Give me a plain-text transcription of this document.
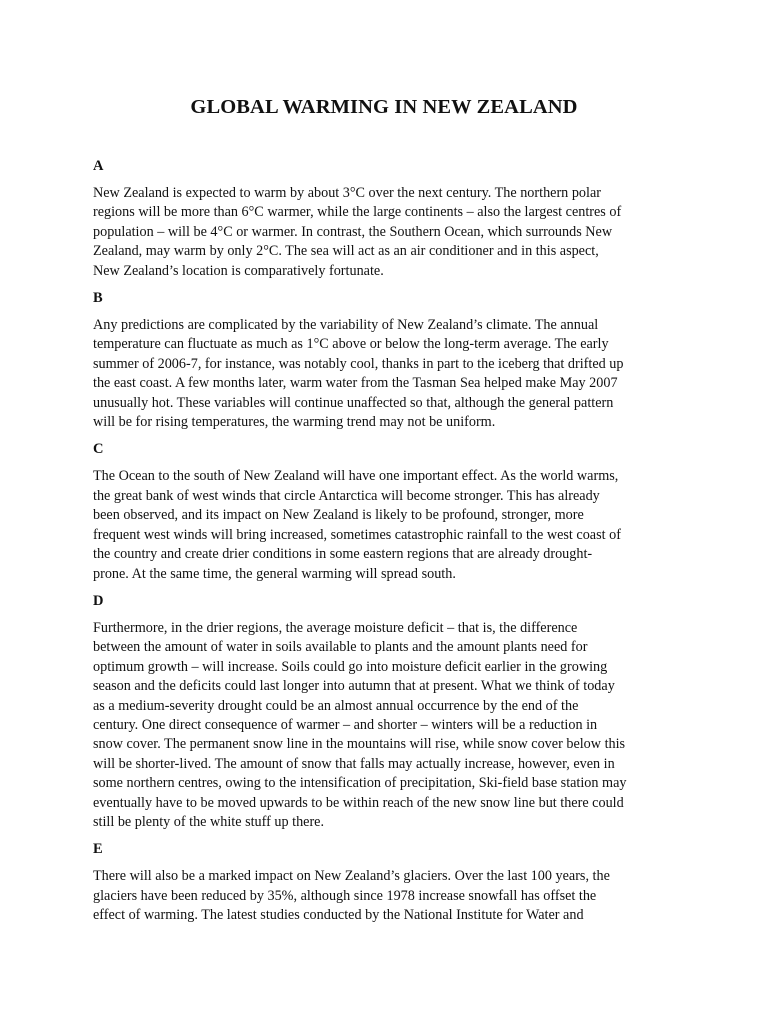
GLOBAL WARMING IN NEW ZEALAND
A
New Zealand is expected to warm by about 3°C over the next century. The northern polar
regions will be more than 6°C warmer, while the large continents – also the largest centres of
population – will be 4°C or warmer. In contrast, the Southern Ocean, which surrounds New
Zealand, may warm by only 2°C. The sea will act as an air conditioner and in this aspect,
New Zealand’s location is comparatively fortunate.
B
Any predictions are complicated by the variability of New Zealand’s climate. The annual
temperature can fluctuate as much as 1°C above or below the long-term average. The early
summer of 2006-7, for instance, was notably cool, thanks in part to the iceberg that drifted up
the east coast. A few months later, warm water from the Tasman Sea helped make May 2007
unusually hot. These variables will continue unaffected so that, although the general pattern
will be for rising temperatures, the warming trend may not be uniform.
C
The Ocean to the south of New Zealand will have one important effect. As the world warms,
the great bank of west winds that circle Antarctica will become stronger. This has already
been observed, and its impact on New Zealand is likely to be profound, stronger, more
frequent west winds will bring increased, sometimes catastrophic rainfall to the west coast of
the country and create drier conditions in some eastern regions that are already drought-
prone. At the same time, the general warming will spread south.
D
Furthermore, in the drier regions, the average moisture deficit – that is, the difference
between the amount of water in soils available to plants and the amount plants need for
optimum growth – will increase. Soils could go into moisture deficit earlier in the growing
season and the deficits could last longer into autumn that at present. What we think of today
as a medium-severity drought could be an almost annual occurrence by the end of the
century. One direct consequence of warmer – and shorter – winters will be a reduction in
snow cover. The permanent snow line in the mountains will rise, while snow cover below this
will be shorter-lived. The amount of snow that falls may actually increase, however, even in
some northern centres, owing to the intensification of precipitation, Ski-field base station may
eventually have to be moved upwards to be within reach of the new snow line but there could
still be plenty of the white stuff up there.
E
There will also be a marked impact on New Zealand’s glaciers. Over the last 100 years, the
glaciers have been reduced by 35%, although since 1978 increase snowfall has offset the
effect of warming. The latest studies conducted by the National Institute for Water and
